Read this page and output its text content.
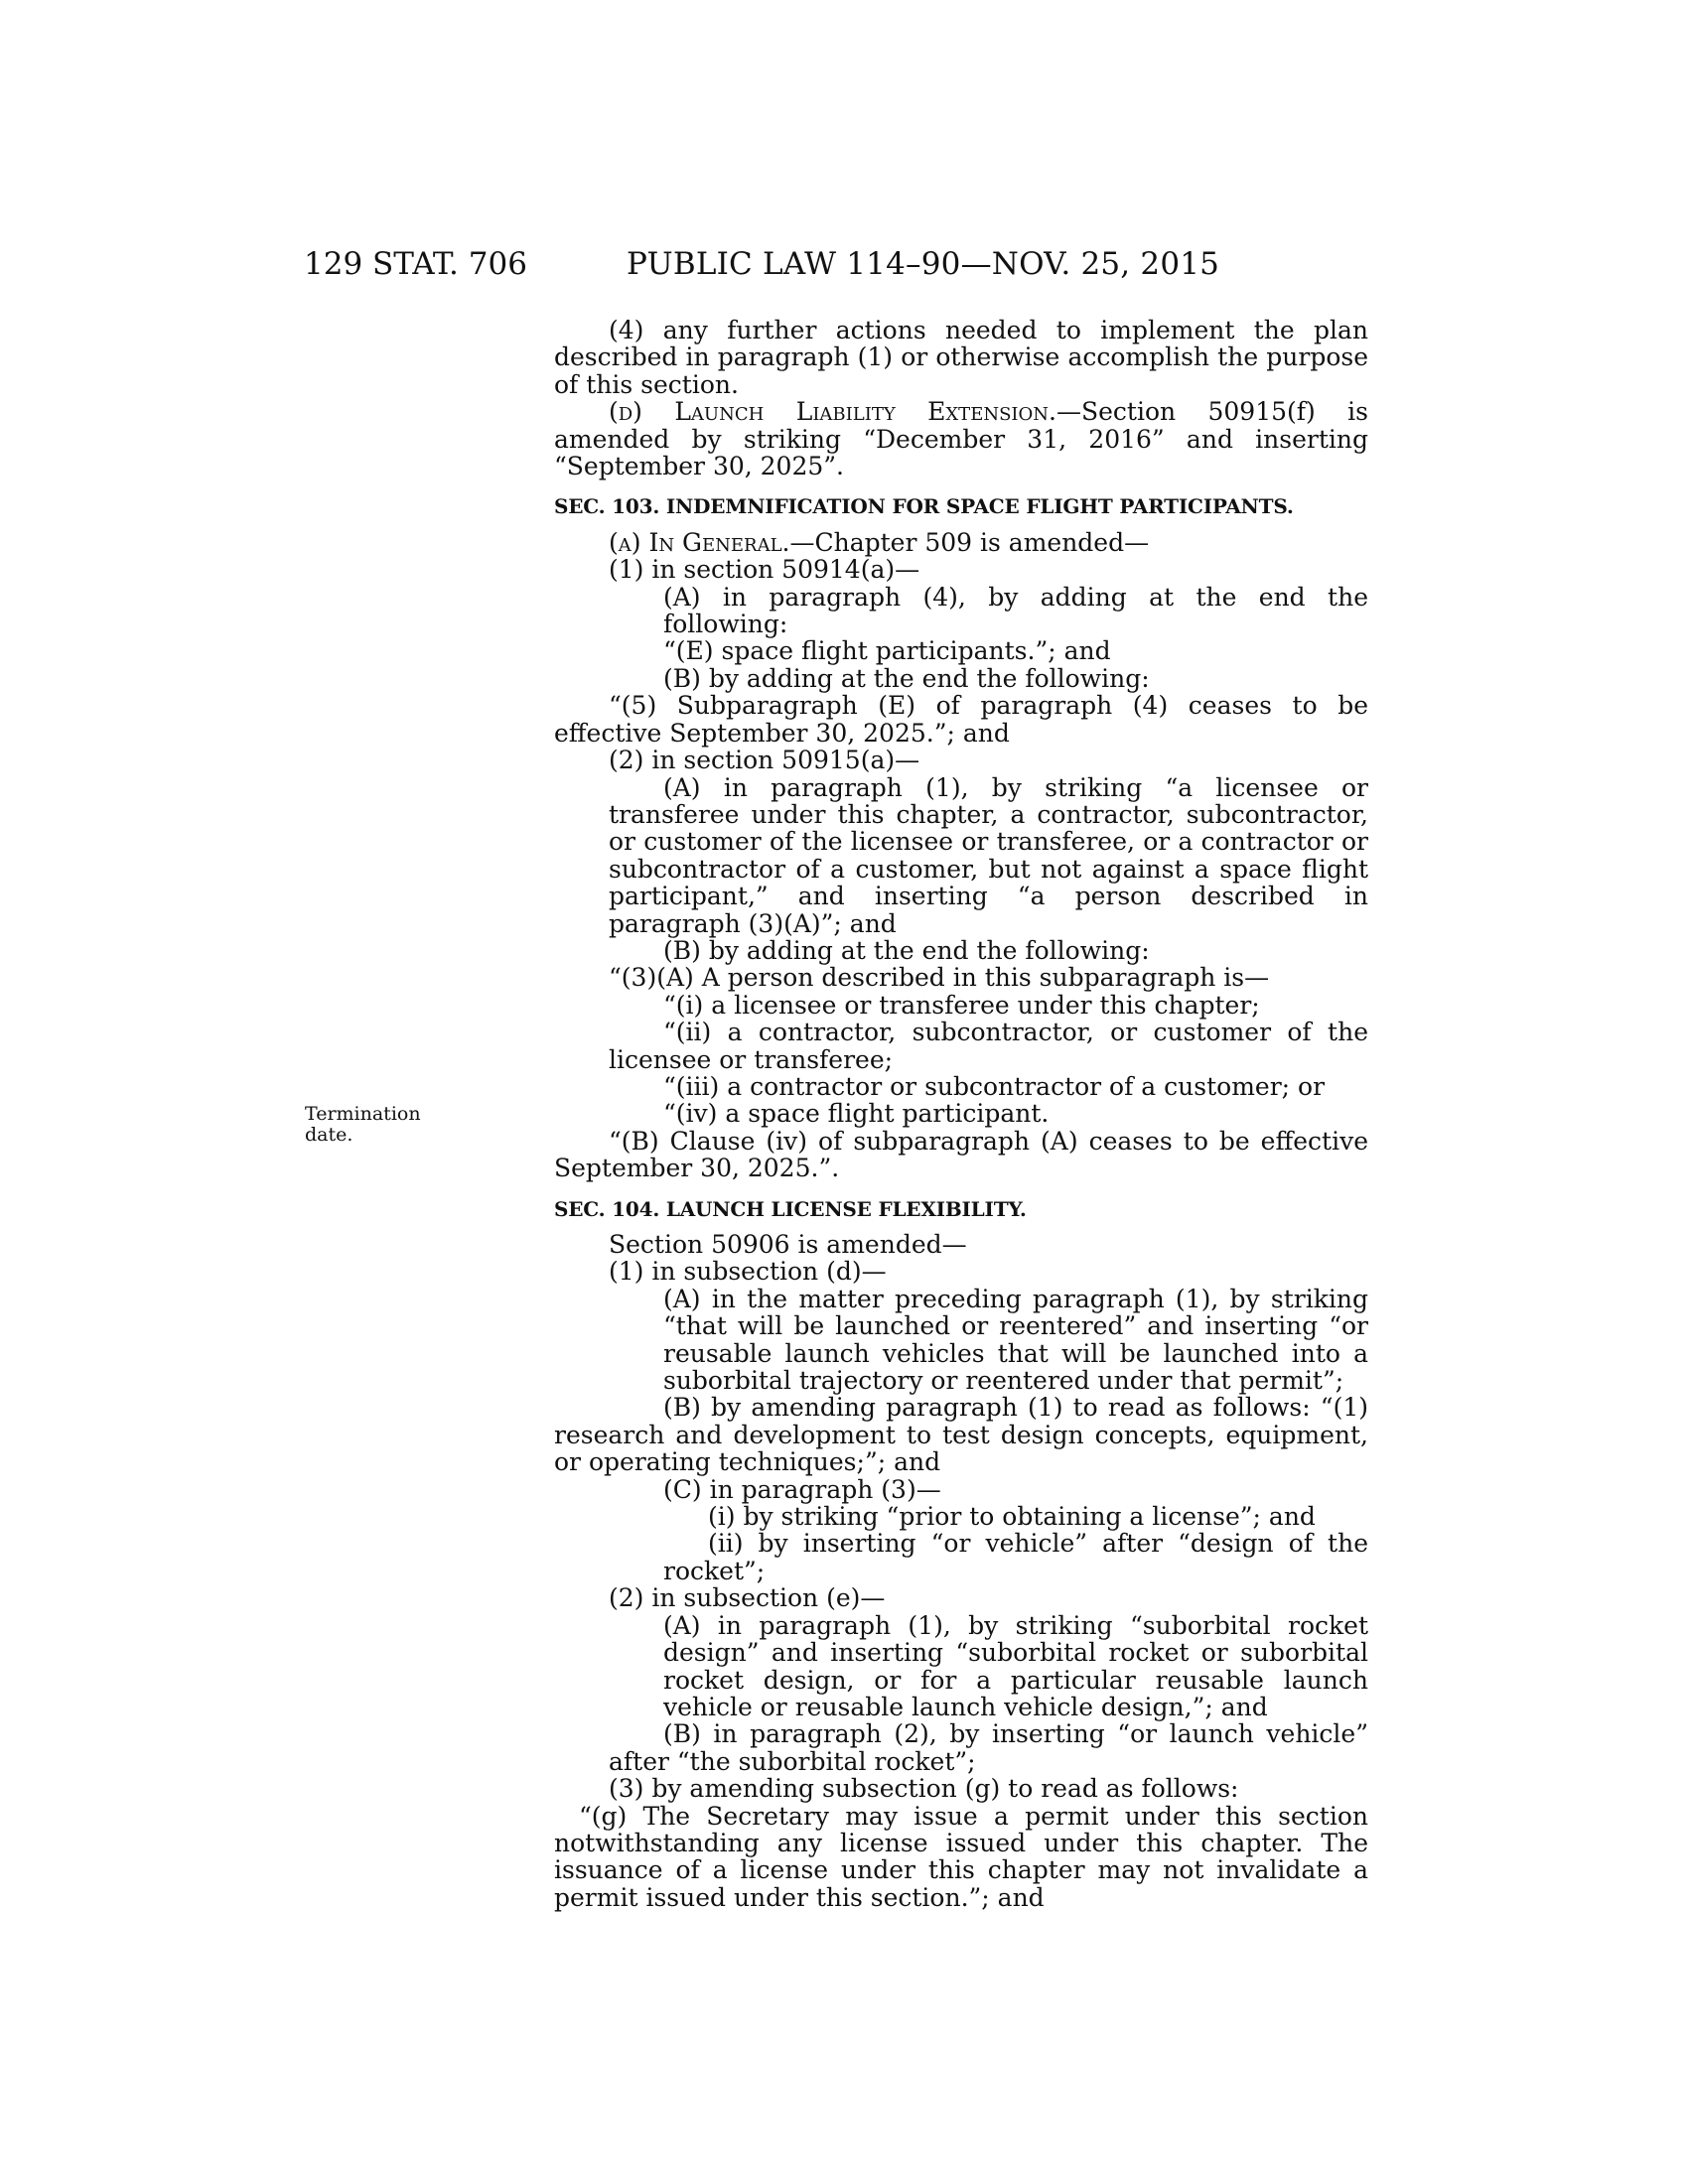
129 STAT. 706	PUBLIC LAW 114–90—NOV. 25, 2015
Termination
date.

(4) any further actions needed to implement the plan described in paragraph (1) or otherwise accomplish the purpose of this section.

(d) Launch Liability Extension.—Section 50915(f) is amended by striking “December 31, 2016” and inserting “September 30, 2025”.

SEC. 103. INDEMNIFICATION FOR SPACE FLIGHT PARTICIPANTS.

(a) In General.—Chapter 509 is amended—

(1) in section 50914(a)—

(A) in paragraph (4), by adding at the end the following:

“(E) space flight participants.”; and

(B) by adding at the end the following:

“(5) Subparagraph (E) of paragraph (4) ceases to be effective September 30, 2025.”; and

(2) in section 50915(a)—

(A) in paragraph (1), by striking “a licensee or transferee under this chapter, a contractor, subcontractor, or customer of the licensee or transferee, or a contractor or subcontractor of a customer, but not against a space flight participant,” and inserting “a person described in paragraph (3)(A)”; and

(B) by adding at the end the following:

“(3)(A) A person described in this subparagraph is—

“(i) a licensee or transferee under this chapter;

“(ii) a contractor, subcontractor, or customer of the licensee or transferee;

“(iii) a contractor or subcontractor of a customer; or

“(iv) a space flight participant.

“(B) Clause (iv) of subparagraph (A) ceases to be effective September 30, 2025.”.

SEC. 104. LAUNCH LICENSE FLEXIBILITY.

Section 50906 is amended—

(1) in subsection (d)—

(A) in the matter preceding paragraph (1), by striking “that will be launched or reentered” and inserting “or reusable launch vehicles that will be launched into a suborbital trajectory or reentered under that permit”;

(B) by amending paragraph (1) to read as follows: “(1) research and development to test design concepts, equipment, or operating techniques;”; and

(C) in paragraph (3)—

(i) by striking “prior to obtaining a license”; and

(ii) by inserting “or vehicle” after “design of the rocket”;

(2) in subsection (e)—

(A) in paragraph (1), by striking “suborbital rocket design” and inserting “suborbital rocket or suborbital rocket design, or for a particular reusable launch vehicle or reusable launch vehicle design,”; and

(B) in paragraph (2), by inserting “or launch vehicle” after “the suborbital rocket”;

(3) by amending subsection (g) to read as follows:

“(g) The Secretary may issue a permit under this section notwithstanding any license issued under this chapter. The issuance of a license under this chapter may not invalidate a permit issued under this section.”; and
